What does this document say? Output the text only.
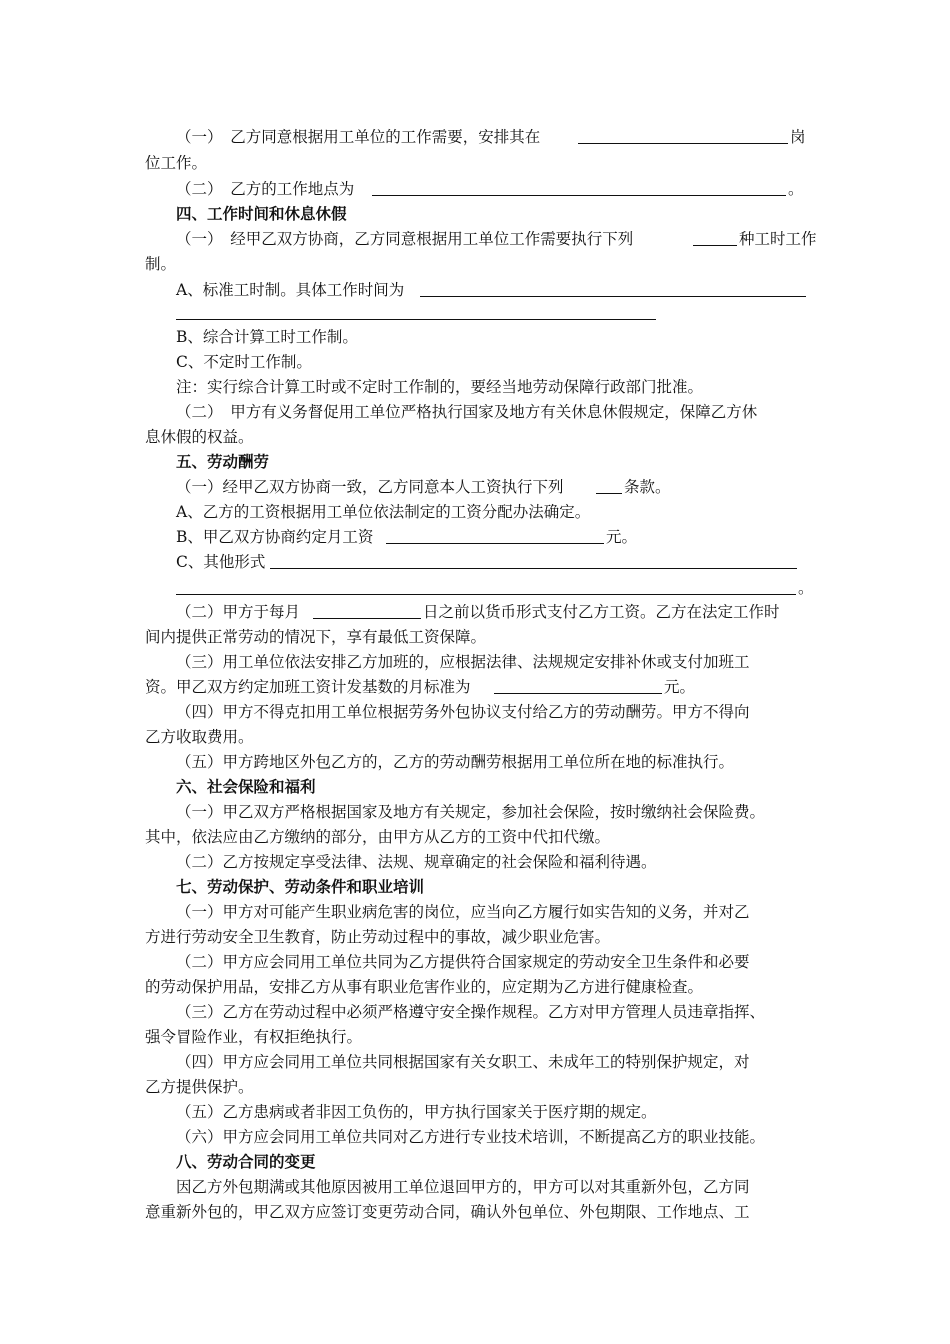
（一）　乙方同意根据用工单位的工作需要，安排其在	岗
位工作。
（二）　乙方的工作地点为	。
四、工作时间和休息休假
（一）　经甲乙双方协商，乙方同意根据用工单位工作需要执行下列	种工时工作
制。
A、标准工时制。具体工作时间为
B、综合计算工时工作制。
C、不定时工作制。
注：实行综合计算工时或不定时工作制的，要经当地劳动保障行政部门批准。
（二）　甲方有义务督促用工单位严格执行国家及地方有关休息休假规定，保障乙方休
息休假的权益。
五、劳动酬劳
（一）经甲乙双方协商一致，乙方同意本人工资执行下列	条款。
A、乙方的工资根据用工单位依法制定的工资分配办法确定。
B、甲乙双方协商约定月工资	元。
C、其他形式
。
（二）甲方于每月	日之前以货币形式支付乙方工资。乙方在法定工作时
间内提供正常劳动的情况下，享有最低工资保障。
（三）用工单位依法安排乙方加班的，应根据法律、法规规定安排补休或支付加班工
资。甲乙双方约定加班工资计发基数的月标准为	元。
（四）甲方不得克扣用工单位根据劳务外包协议支付给乙方的劳动酬劳。甲方不得向
乙方收取费用。
（五）甲方跨地区外包乙方的，乙方的劳动酬劳根据用工单位所在地的标准执行。
六、社会保险和福利
（一）甲乙双方严格根据国家及地方有关规定，参加社会保险，按时缴纳社会保险费。
其中，依法应由乙方缴纳的部分，由甲方从乙方的工资中代扣代缴。
（二）乙方按规定享受法律、法规、规章确定的社会保险和福利待遇。
七、劳动保护、劳动条件和职业培训
（一）甲方对可能产生职业病危害的岗位，应当向乙方履行如实告知的义务，并对乙
方进行劳动安全卫生教育，防止劳动过程中的事故，减少职业危害。
（二）甲方应会同用工单位共同为乙方提供符合国家规定的劳动安全卫生条件和必要
的劳动保护用品，安排乙方从事有职业危害作业的，应定期为乙方进行健康检查。
（三）乙方在劳动过程中必须严格遵守安全操作规程。乙方对甲方管理人员违章指挥、
强令冒险作业，有权拒绝执行。
（四）甲方应会同用工单位共同根据国家有关女职工、未成年工的特别保护规定，对
乙方提供保护。
（五）乙方患病或者非因工负伤的，甲方执行国家关于医疗期的规定。
（六）甲方应会同用工单位共同对乙方进行专业技术培训，不断提高乙方的职业技能。
八、劳动合同的变更
因乙方外包期满或其他原因被用工单位退回甲方的，甲方可以对其重新外包，乙方同
意重新外包的，甲乙双方应签订变更劳动合同，确认外包单位、外包期限、工作地点、工
